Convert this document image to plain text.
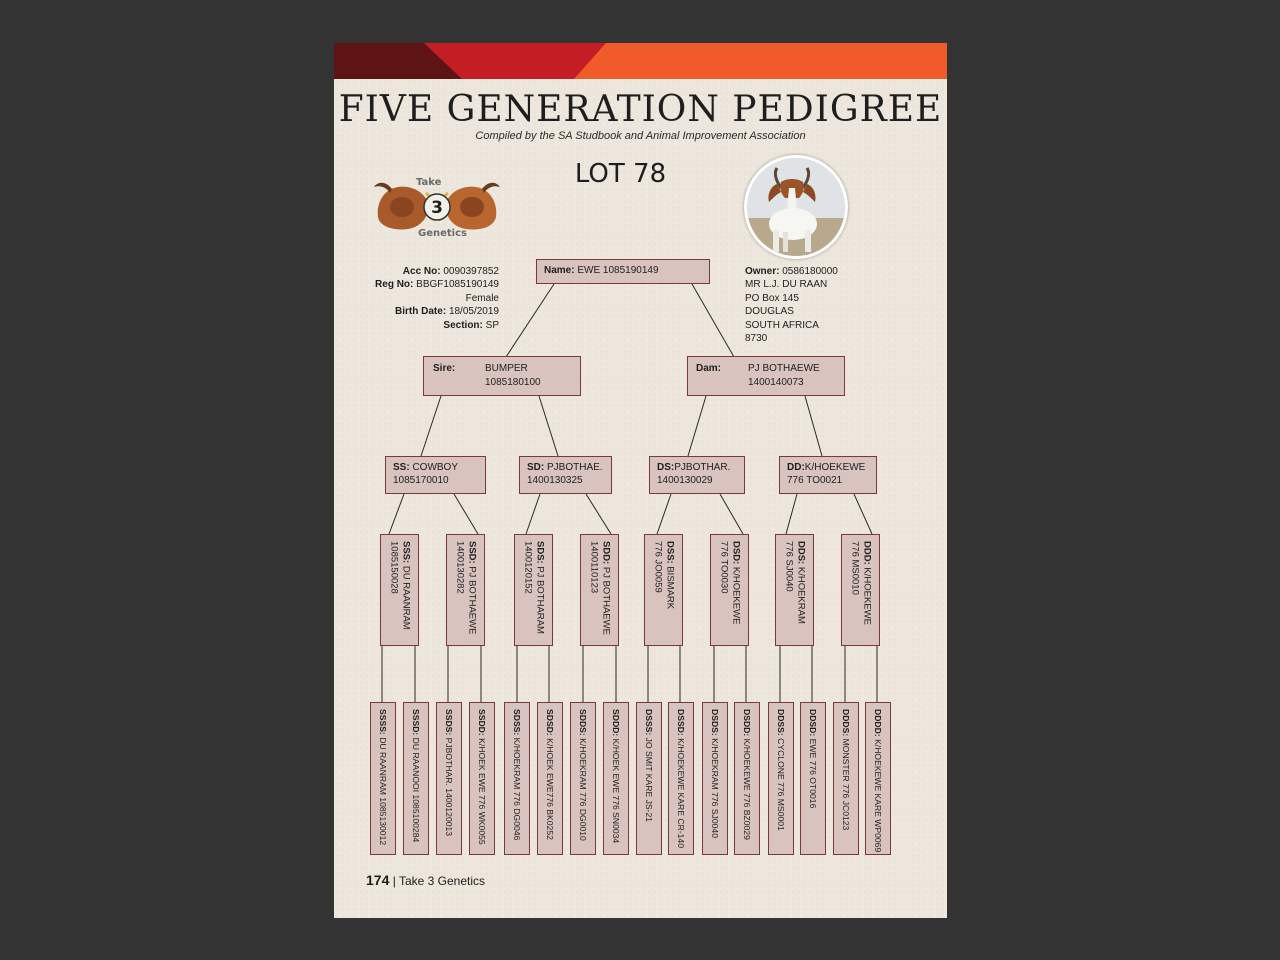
FIVE GENERATION PEDIGREE
Compiled by the SA Studbook and Animal Improvement Association
LOT 78
3
Take
Genetics
Acc No: 0090397852
Reg No: BBGF1085190149
Female
Birth Date: 18/05/2019
Section: SP
Owner: 0586180000
MR L.J. DU RAAN
PO Box 145
DOUGLAS
SOUTH AFRICA
8730
Name: EWE 1085190149
Sire:	BUMPER
1085180100
Dam:	PJ BOTHAEWE
1400140073
SS: COWBOY
1085170010
SD: PJBOTHAE.
1400130325
DS:PJBOTHAR.
1400130029
DD:K/HOEKEWE
776 TO0021
SSS: DU RAANRAM
1085150028	SSD: PJ BOTHAEWE
1400130282	SDS: PJ BOTHARAM
1400120152	SDD: PJ BOTHAEWE
1400110123	DSS: BISMARK
776 JO0059	DSD: K/HOEKEWE
776 TO0030	DDS: K/HOEKRAM
776 SJ0040	DDD: K/HOEKEWE
776 MS0010
SSSS: DU RAANRAM 1085130012
SSSD: DU RAANOOI 1085100284
SSDS: PJBOTHAR. 1400120013
SSDD: K/HOEK EWE 776 WK0055
SDSS: K/HOEKRAM 776 DG0046
SDSD: K/HOEK EWE776 BK0252
SDDS: K/HOEKRAM 776 DG0010
SDDD: K/HOEK EWE 776 SN0034
DSSS: JO SMIT KARE JS-21
DSSD: K/HOEKEWE KARE CR-140
DSDS: K/HOEKRAM 776 SJ0040
DSDD: K/HOEKEWE 776 BZ0029
DDSS: CYCLONE 776 MS0001
DDSD: EWE 776 OT0016
DDDS: MONSTER 776 JC0123
DDDD: K/HOEKEWE KARE WP0069
174 | Take 3 Genetics
